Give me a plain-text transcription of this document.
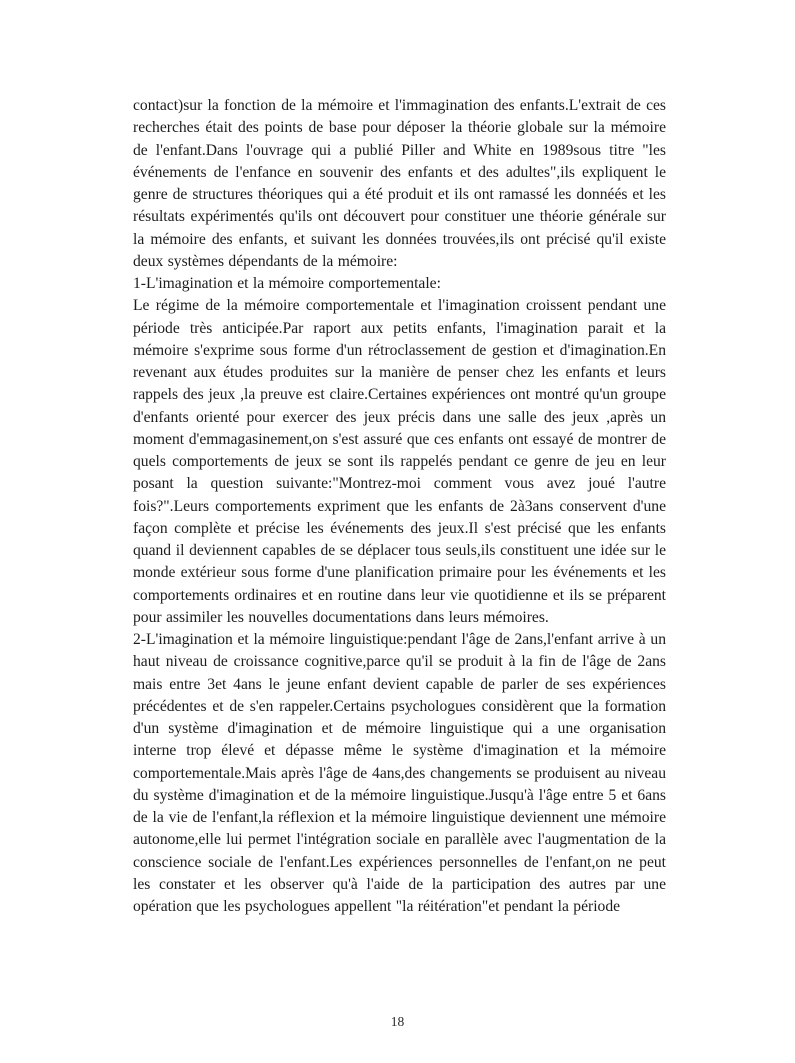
contact)sur la fonction de la mémoire et l'immagination des enfants.L'extrait de ces recherches était des points de base pour déposer la théorie globale sur la mémoire de l'enfant.Dans l'ouvrage qui a publié Piller and White en 1989sous titre "les événements de l'enfance en souvenir des enfants et des adultes",ils expliquent le genre de structures théoriques qui a été produit et ils ont ramassé les donnéés et les résultats expérimentés qu'ils ont découvert pour constituer une théorie générale sur la mémoire des enfants, et suivant les données trouvées,ils ont précisé qu'il existe deux systèmes dépendants de la mémoire:

1-L'imagination et la mémoire comportementale:

Le régime de la mémoire comportementale et l'imagination croissent pendant une période très anticipée.Par raport aux petits enfants, l'imagination parait et la mémoire s'exprime sous forme d'un rétroclassement de gestion et d'imagination.En revenant aux études produites sur la manière de penser chez les enfants et leurs rappels des jeux ,la preuve est claire.Certaines expériences ont montré qu'un groupe d'enfants orienté pour exercer des jeux précis dans une salle des jeux ,après un moment d'emmagasinement,on s'est assuré que ces enfants ont essayé de montrer de quels comportements de jeux se sont ils rappelés pendant ce genre de jeu en leur posant la question suivante:"Montrez-moi comment vous avez joué l'autre fois?".Leurs comportements expriment que les enfants de 2à3ans conservent d'une façon complète et précise les événements des jeux.Il s'est précisé que les enfants quand il deviennent capables de se déplacer tous seuls,ils constituent une idée sur le monde extérieur sous forme d'une planification primaire pour les événements et les comportements ordinaires et en routine dans leur vie quotidienne et ils se préparent pour assimiler les nouvelles documentations dans leurs mémoires.

2-L'imagination et la mémoire linguistique:pendant l'âge de 2ans,l'enfant arrive à un haut niveau de croissance cognitive,parce qu'il se produit à la fin de l'âge de 2ans mais entre 3et 4ans le jeune enfant devient capable de parler de ses expériences précédentes et de s'en rappeler.Certains psychologues considèrent que la formation d'un système d'imagination et de mémoire linguistique qui a une organisation interne trop élevé et dépasse même le système d'imagination et la mémoire comportementale.Mais après l'âge de 4ans,des changements se produisent au niveau du système d'imagination et de la mémoire linguistique.Jusqu'à l'âge entre 5 et 6ans de la vie de l'enfant,la réflexion et la mémoire linguistique deviennent une mémoire autonome,elle lui permet l'intégration sociale en parallèle avec l'augmentation de la conscience sociale de l'enfant.Les expériences personnelles de l'enfant,on ne peut les constater et les observer qu'à l'aide de la participation des autres par une opération que les psychologues appellent "la réitération"et pendant la période

18
